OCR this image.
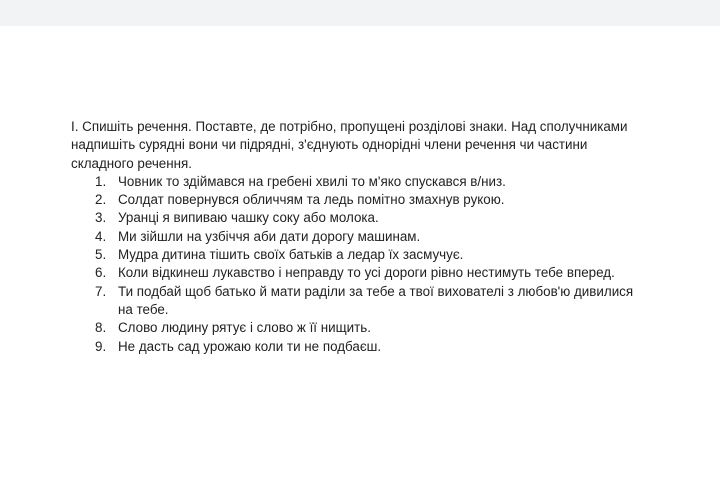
І. Спишіть речення. Поставте, де потрібно, пропущені розділові знаки. Над сполучниками надпишіть сурядні вони чи підрядні, з'єднують однорідні члени речення чи частини складного речення.

1. Човник то здіймався на гребені хвилі то м'яко спускався в/низ.
2. Солдат повернувся обличчям та ледь помітно змахнув рукою.
3. Уранці я випиваю чашку соку або молока.
4. Ми зійшли на узбіччя аби дати дорогу машинам.
5. Мудра дитина тішить своїх батьків а ледар їх засмучує.
6. Коли відкинеш лукавство і неправду то усі дороги рівно нестимуть тебе вперед.
7. Ти подбай щоб батько й мати раділи за тебе а твої вихователі з любов'ю дивилися на тебе.
8. Слово людину рятує і слово ж її нищить.
9. Не дасть сад урожаю коли ти не подбаєш.
